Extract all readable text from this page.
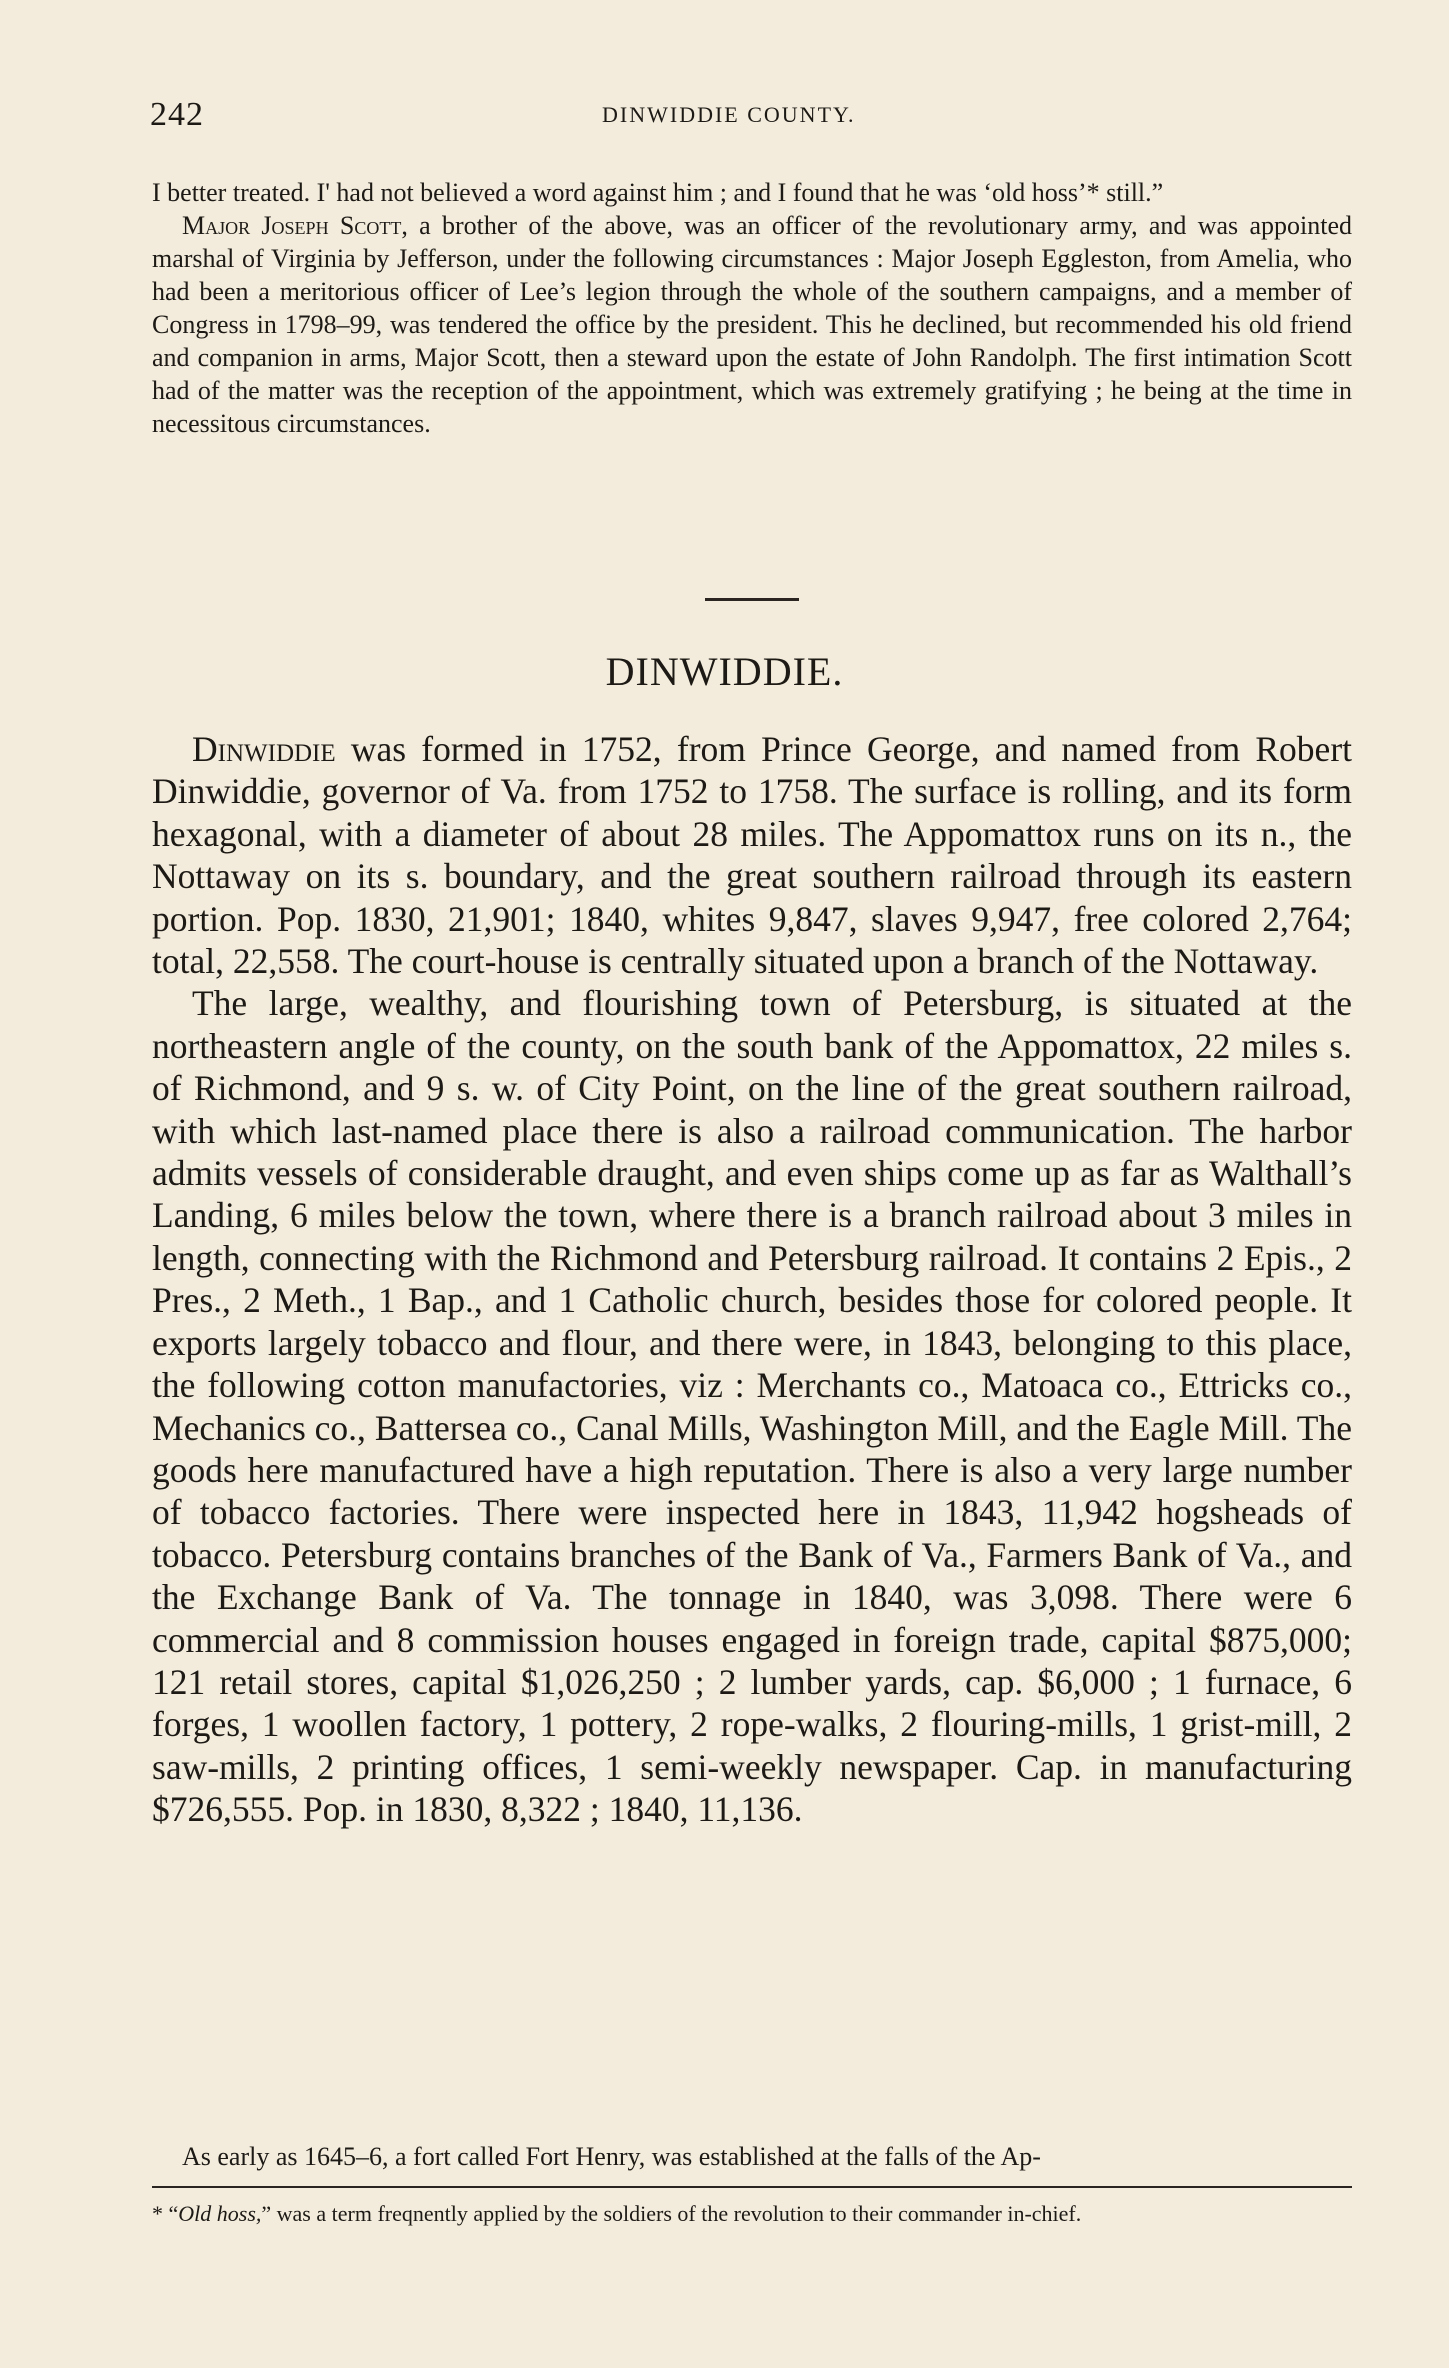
242	DINWIDDIE COUNTY.

I better treated. I' had not believed a word against him ; and I found that he was ‘old hoss’* still.”

Major Joseph Scott, a brother of the above, was an officer of the revolutionary army, and was appointed marshal of Virginia by Jefferson, under the following circumstances : Major Joseph Eggleston, from Amelia, who had been a meritorious officer of Lee’s legion through the whole of the southern campaigns, and a member of Congress in 1798–99, was tendered the office by the president. This he declined, but recommended his old friend and companion in arms, Major Scott, then a steward upon the estate of John Randolph. The first intimation Scott had of the matter was the reception of the appointment, which was extremely gratifying ; he being at the time in necessitous circumstances.

DINWIDDIE.

Dinwiddie was formed in 1752, from Prince George, and named from Robert Dinwiddie, governor of Va. from 1752 to 1758. The surface is rolling, and its form hexagonal, with a diameter of about 28 miles. The Appomattox runs on its n., the Nottaway on its s. boundary, and the great southern railroad through its eastern portion. Pop. 1830, 21,901; 1840, whites 9,847, slaves 9,947, free colored 2,764; total, 22,558. The court-house is centrally situated upon a branch of the Nottaway.

The large, wealthy, and flourishing town of Petersburg, is situated at the northeastern angle of the county, on the south bank of the Appomattox, 22 miles s. of Richmond, and 9 s. w. of City Point, on the line of the great southern railroad, with which last-named place there is also a railroad communication. The harbor admits vessels of considerable draught, and even ships come up as far as Walthall’s Landing, 6 miles below the town, where there is a branch railroad about 3 miles in length, connecting with the Richmond and Petersburg railroad. It contains 2 Epis., 2 Pres., 2 Meth., 1 Bap., and 1 Catholic church, besides those for colored people. It exports largely tobacco and flour, and there were, in 1843, belonging to this place, the following cotton manufactories, viz : Merchants co., Matoaca co., Ettricks co., Mechanics co., Battersea co., Canal Mills, Washington Mill, and the Eagle Mill. The goods here manufactured have a high reputation. There is also a very large number of tobacco factories. There were inspected here in 1843, 11,942 hogsheads of tobacco. Petersburg contains branches of the Bank of Va., Farmers Bank of Va., and the Exchange Bank of Va. The tonnage in 1840, was 3,098. There were 6 commercial and 8 commission houses engaged in foreign trade, capital $875,000; 121 retail stores, capital $1,026,250 ; 2 lumber yards, cap. $6,000 ; 1 furnace, 6 forges, 1 woollen factory, 1 pottery, 2 rope-walks, 2 flouring-mills, 1 grist-mill, 2 saw-mills, 2 printing offices, 1 semi-weekly newspaper. Cap. in manufacturing $726,555. Pop. in 1830, 8,322 ; 1840, 11,136.

As early as 1645–6, a fort called Fort Henry, was established at the falls of the Ap-
* “Old hoss,” was a term freqnently applied by the soldiers of the revolution to their commander in-chief.
